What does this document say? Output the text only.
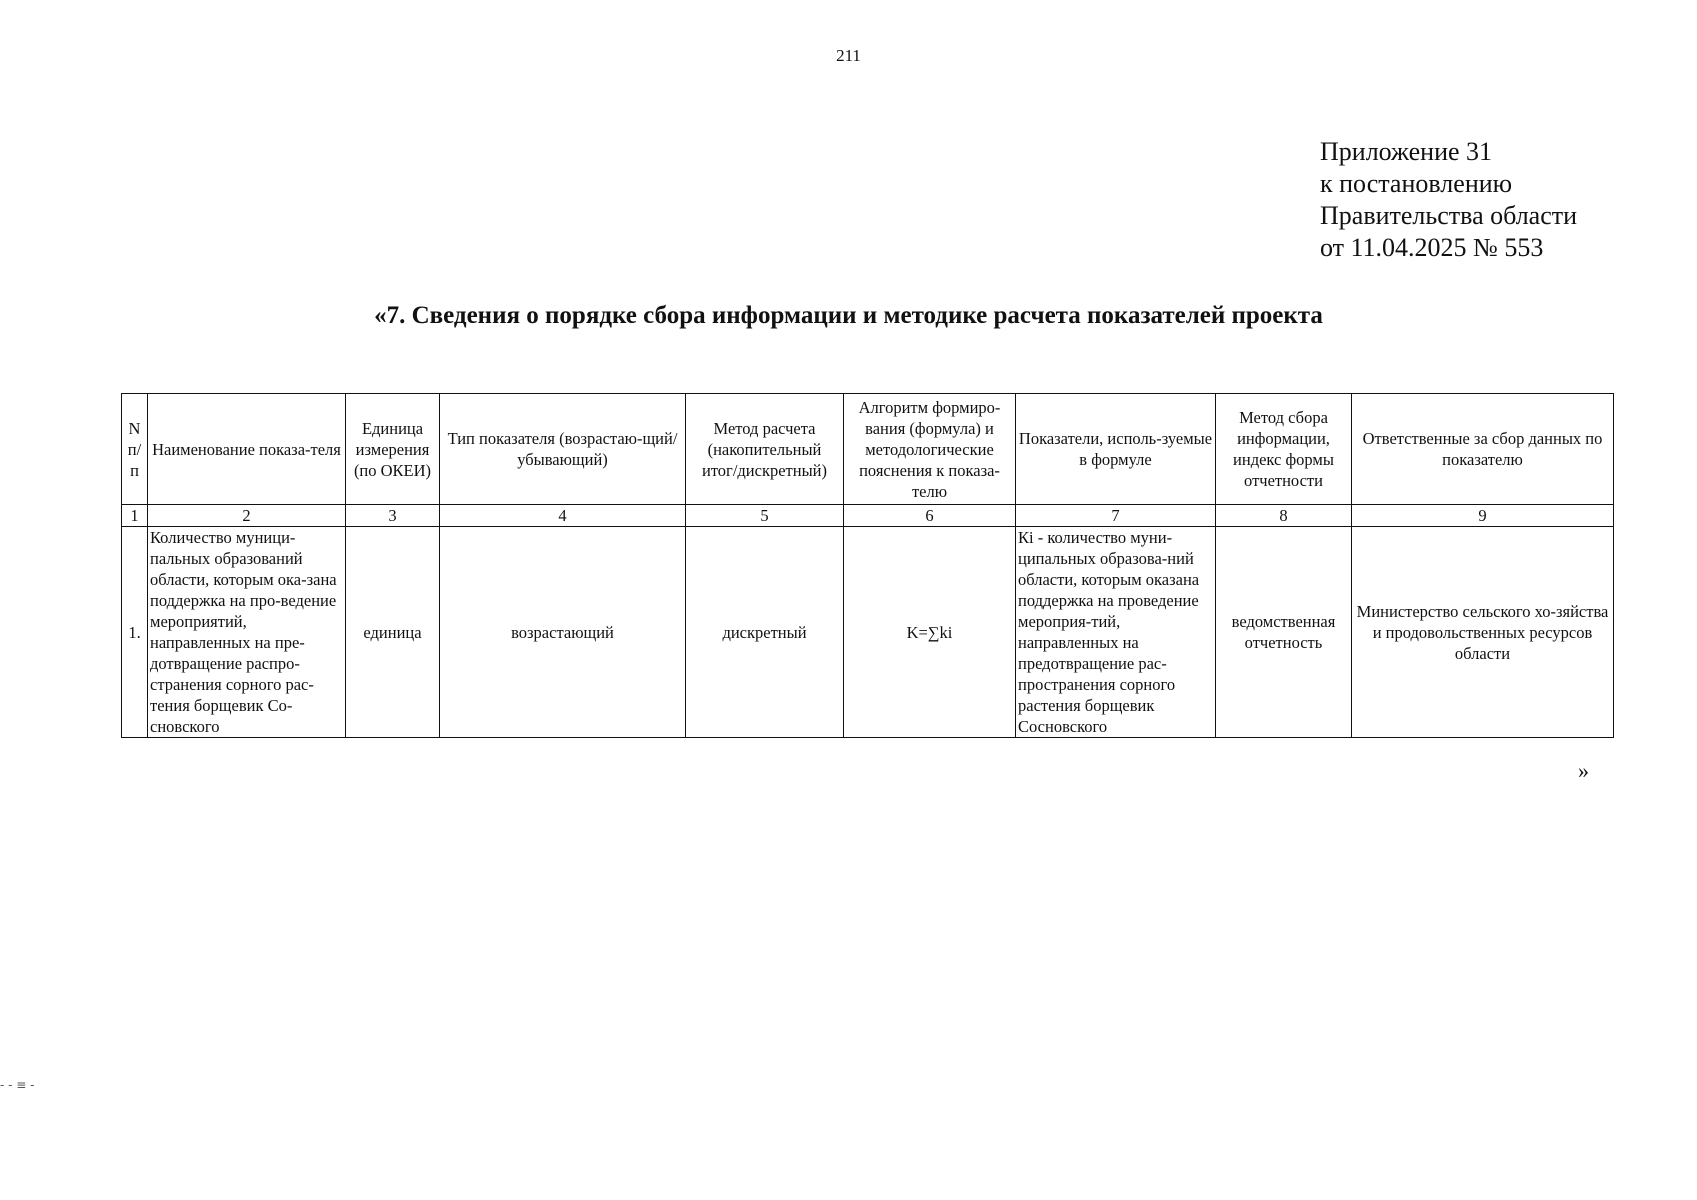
211
Приложение 31
к постановлению
Правительства области
от 11.04.2025 № 553
«7. Сведения о порядке сбора информации и методике расчета показателей проекта
N п/п	Наименование показа-теля	Единица измерения (по ОКЕИ)	Тип показателя (возрастаю-щий/убывающий)	Метод расчета (накопительный итог/дискретный)	Алгоритм формиро-вания (формула) и методологические пояснения к показа-телю	Показатели, исполь-зуемые в формуле	Метод сбора информации, индекс формы отчетности	Ответственные за сбор данных по показателю
1	2	3	4	5	6	7	8	9
1.	Количество муници-пальных образований области, которым ока-зана поддержка на про-ведение мероприятий, направленных на пре-дотвращение распро-странения сорного рас-тения борщевик Со-сновского	единица	возрастающий	дискретный	K=∑ki	Кi - количество муни-ципальных образова-ний области, которым оказана поддержка на проведение мероприя-тий, направленных на предотвращение рас-пространения сорного растения борщевик Сосновского	ведомственная отчетность	Министерство сельского хо-зяйства и продовольственных ресурсов области
»
- - ≡ -
